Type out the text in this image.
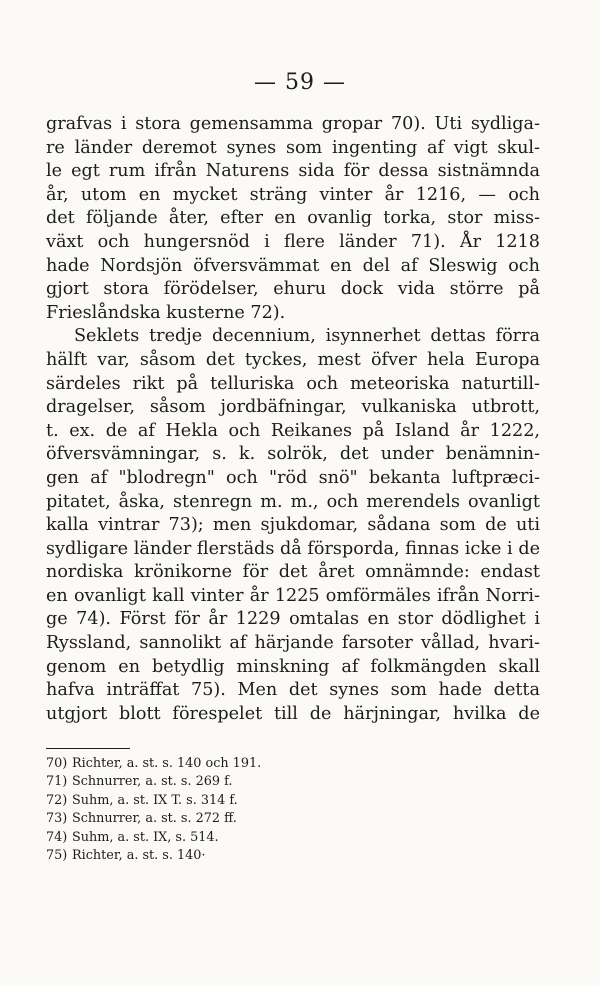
— 59 —
grafvas i stora gemensamma gropar 70). Uti sydliga-
re länder deremot synes som ingenting af vigt skul-
le egt rum ifrån Naturens sida för dessa sistnämnda
år, utom en mycket sträng vinter år 1216, — och
det följande åter, efter en ovanlig torka, stor miss-
växt och hungersnöd i flere länder 71). År 1218
hade Nordsjön öfversvämmat en del af Sleswig och
gjort stora förödelser, ehuru dock vida större på
Frieslåndska kusterne 72).
Seklets tredje decennium, isynnerhet dettas förra
hälft var, såsom det tyckes, mest öfver hela Europa
särdeles rikt på telluriska och meteoriska naturtill-
dragelser, såsom jordbäfningar, vulkaniska utbrott,
t. ex. de af Hekla och Reikanes på Island år 1222,
öfversvämningar, s. k. solrök, det under benämnin-
gen af "blodregn" och "röd snö" bekanta luftpræci-
pitatet, åska, stenregn m. m., och merendels ovanligt
kalla vintrar 73); men sjukdomar, sådana som de uti
sydligare länder flerstäds då försporda, finnas icke i de
nordiska krönikorne för det året omnämnde: endast
en ovanligt kall vinter år 1225 omförmäles ifrån Norri-
ge 74). Först för år 1229 omtalas en stor dödlighet i
Ryssland, sannolikt af härjande farsoter vållad, hvari-
genom en betydlig minskning af folkmängden skall
hafva inträffat 75). Men det synes som hade detta
utgjort blott förespelet till de härjningar, hvilka de
70) Richter, a. st. s. 140 och 191.
71) Schnurrer, a. st. s. 269 f.
72) Suhm, a. st. IX T. s. 314 f.
73) Schnurrer, a. st. s. 272 ff.
74) Suhm, a. st. IX, s. 514.
75) Richter, a. st. s. 140·
